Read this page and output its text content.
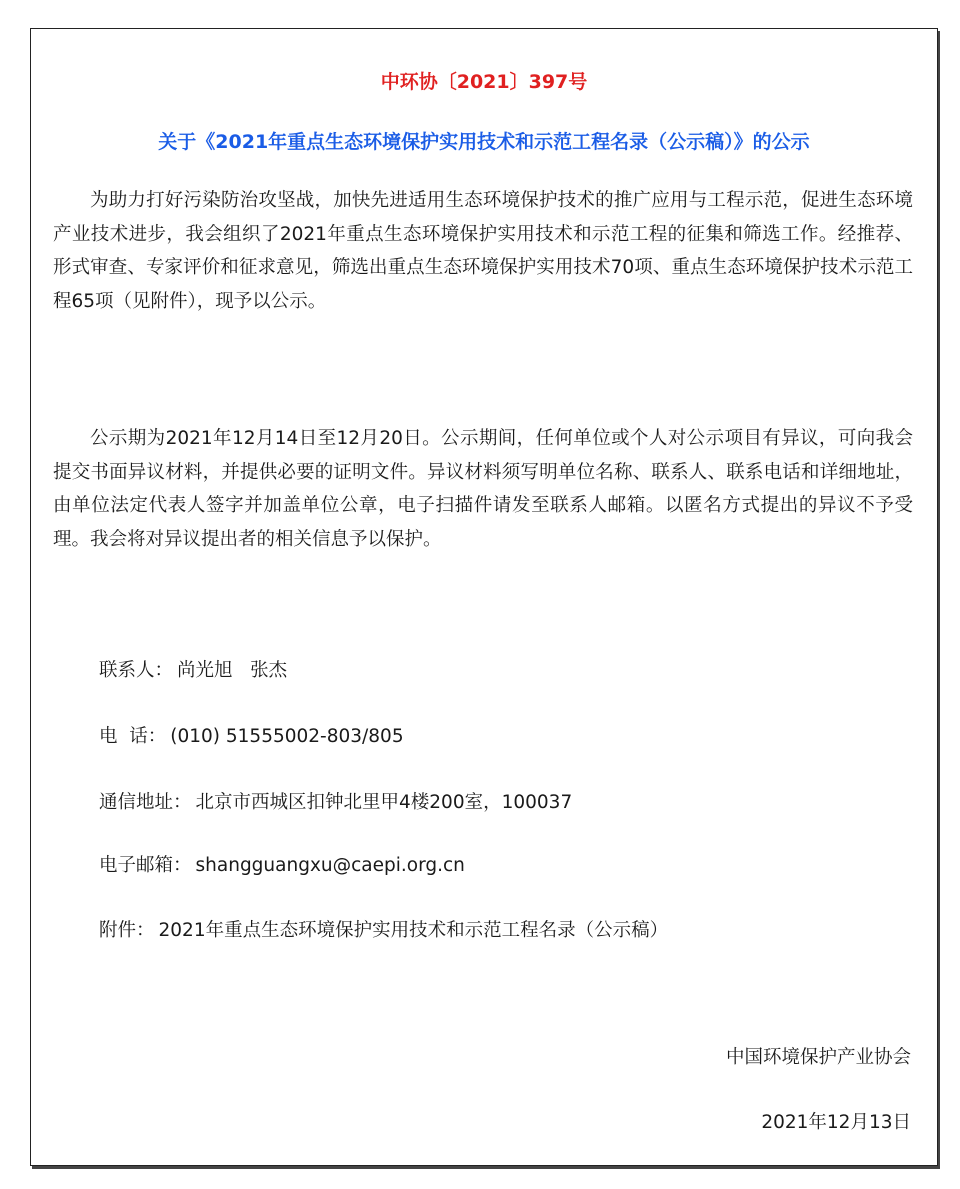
中环协〔2021〕397号
关于《2021年重点生态环境保护实用技术和示范工程名录（公示稿）》的公示

为助力打好污染防治攻坚战，加快先进适用生态环境保护技术的推广应用与工程示范，促进生态环境产业技术进步，我会组织了2021年重点生态环境保护实用技术和示范工程的征集和筛选工作。经推荐、形式审查、专家评价和征求意见，筛选出重点生态环境保护实用技术70项、重点生态环境保护技术示范工程65项（见附件），现予以公示。

公示期为2021年12月14日至12月20日。公示期间，任何单位或个人对公示项目有异议，可向我会提交书面异议材料，并提供必要的证明文件。异议材料须写明单位名称、联系人、联系电话和详细地址，由单位法定代表人签字并加盖单位公章，电子扫描件请发至联系人邮箱。以匿名方式提出的异议不予受理。我会将对异议提出者的相关信息予以保护。

联系人： 尚光旭   张杰

电  话： (010) 51555002-803/805

通信地址： 北京市西城区扣钟北里甲4楼200室，100037

电子邮箱： shangguangxu@caepi.org.cn

附件： 2021年重点生态环境保护实用技术和示范工程名录（公示稿）

中国环境保护产业协会

2021年12月13日
